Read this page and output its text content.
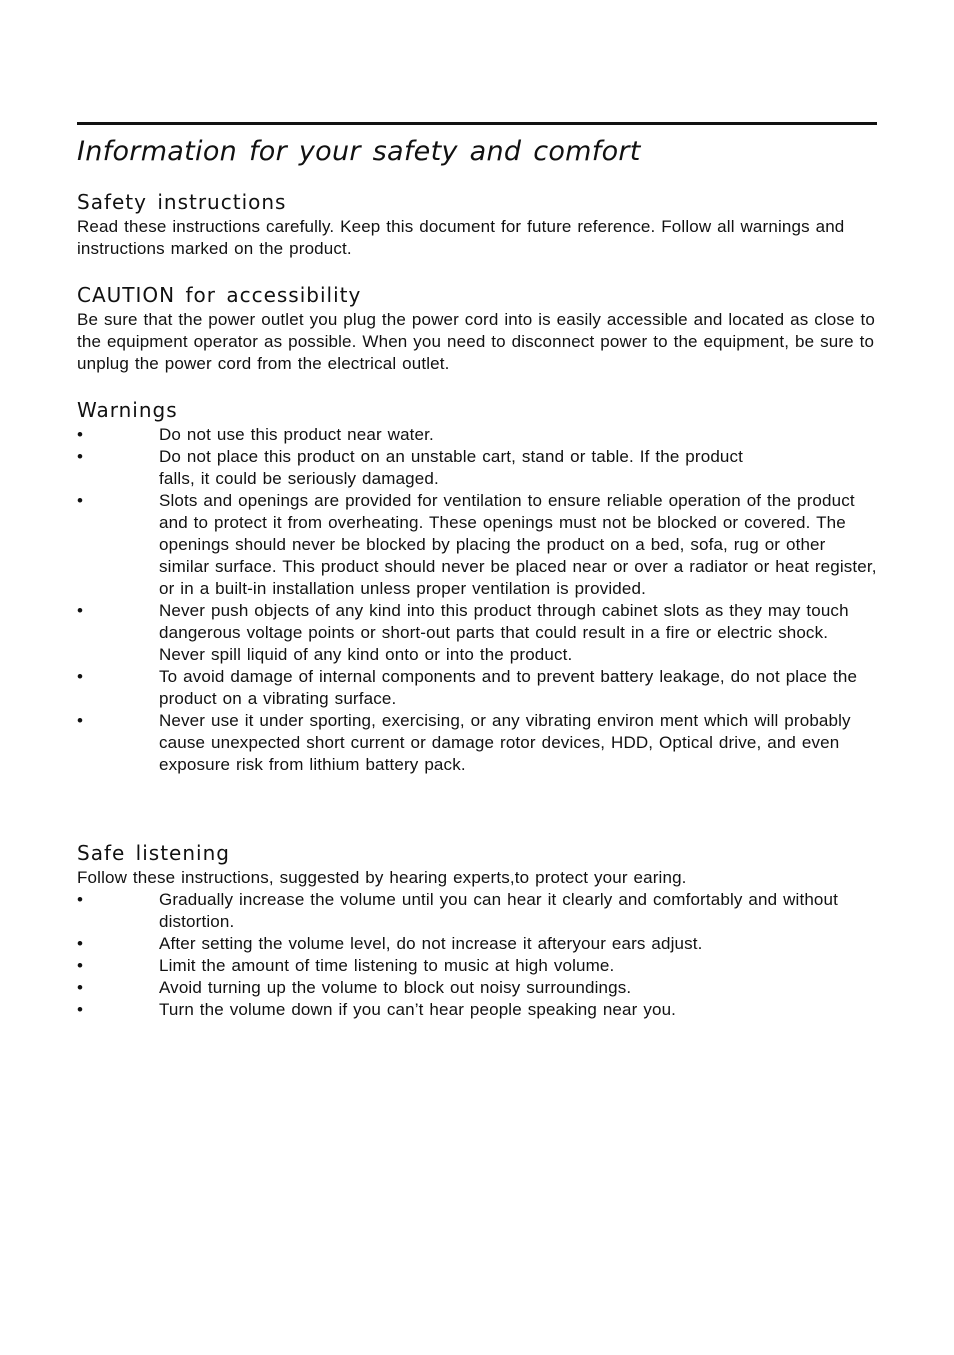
Information for your safety and comfort
Safety instructions

Read these instructions carefully. Keep this document for future reference. Follow all warnings and instructions marked on the product.

CAUTION for accessibility

Be sure that the power outlet you plug the power cord into is easily accessible and located as close to the equipment operator as possible. When you need to disconnect power to the equipment, be sure to unplug the power cord from the electrical outlet.

Warnings
•	Do not use this product near water.
•	Do not place this product on an unstable cart, stand or table. If the product falls, it could be seriously damaged.
•	Slots and openings are provided for ventilation to ensure reliable operation of the product and to protect it from overheating. These openings must not be blocked or covered. The openings should never be blocked by placing the product on a bed, sofa, rug or other similar surface. This product should never be placed near or over a radiator or heat register, or in a built-in installation unless proper ventilation is provided.
•	Never push objects of any kind into this product through cabinet slots as they may touch dangerous voltage points or short-out parts that could result in a fire or electric shock. Never spill liquid of any kind onto or into the product.
•	To avoid damage of internal components and to prevent battery leakage, do not place the product on a vibrating surface.
•	Never use it under sporting, exercising, or any vibrating environ ment which will probably cause unexpected short current or damage rotor devices, HDD, Optical drive, and even exposure risk from lithium battery pack.
Safe listening

Follow these instructions, suggested by hearing experts,to protect your earing.

•	Gradually increase the volume until you can hear it clearly and comfortably and without distortion.
•	After setting the volume level, do not increase it afteryour ears adjust.
•	Limit the amount of time listening to music at high volume.
•	Avoid turning up the volume to block out noisy surroundings.
•	Turn the volume down if you can’t hear people speaking near you.
